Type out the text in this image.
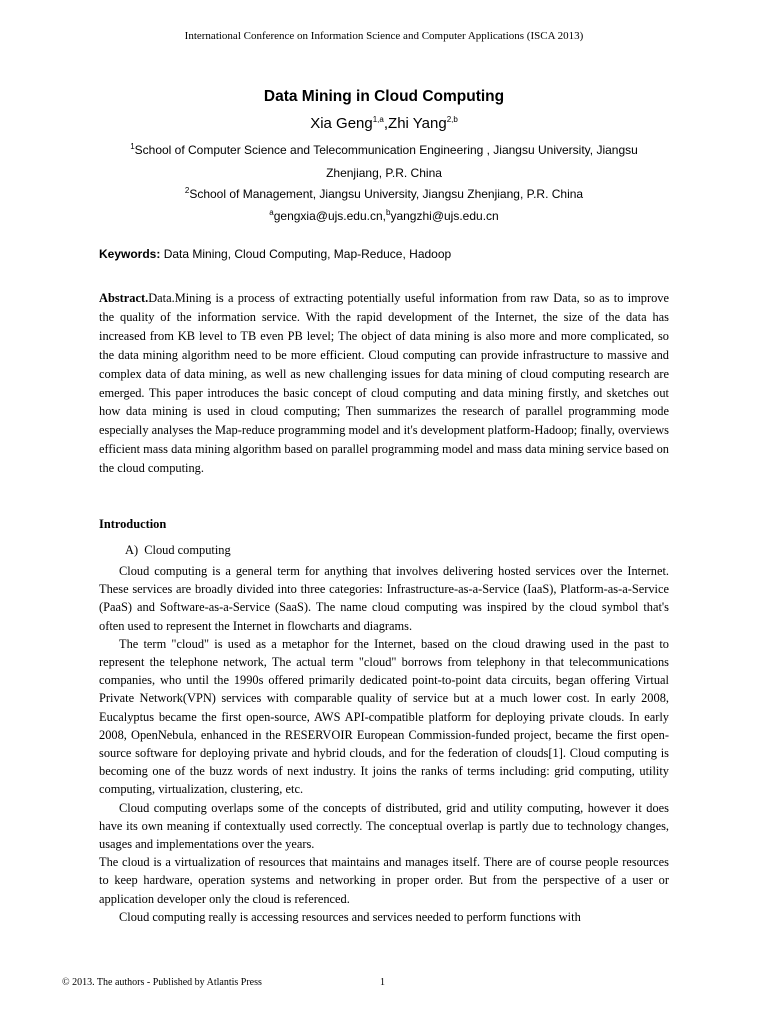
International Conference on Information Science and Computer Applications (ISCA 2013)
Data Mining in Cloud Computing
Xia Geng$^{1,a}$,Zhi Yang$^{2,b}$
$^1$School of Computer Science and Telecommunication Engineering , Jiangsu University, Jiangsu
Zhenjiang, P.R. China
$^2$School of Management, Jiangsu University, Jiangsu Zhenjiang, P.R. China
$^a$gengxia@ujs.edu.cn,$^b$yangzhi@ujs.edu.cn
Keywords: Data Mining, Cloud Computing, Map-Reduce, Hadoop
Abstract.Data.Mining is a process of extracting potentially useful information from raw Data, so as to improve the quality of the information service. With the rapid development of the Internet, the size of the data has increased from KB level to TB even PB level; The object of data mining is also more and more complicated, so the data mining algorithm need to be more efficient. Cloud computing can provide infrastructure to massive and complex data of data mining, as well as new challenging issues for data mining of cloud computing research are emerged. This paper introduces the basic concept of cloud computing and data mining firstly, and sketches out how data mining is used in cloud computing; Then summarizes the research of parallel programming mode especially analyses the Map-reduce programming model and it's development platform-Hadoop; finally, overviews efficient mass data mining algorithm based on parallel programming model and mass data mining service based on the cloud computing.
Introduction
A)  Cloud computing

Cloud computing is a general term for anything that involves delivering hosted services over the Internet. These services are broadly divided into three categories: Infrastructure-as-a-Service (IaaS), Platform-as-a-Service (PaaS) and Software-as-a-Service (SaaS). The name cloud computing was inspired by the cloud symbol that's often used to represent the Internet in flowcharts and diagrams.

The term "cloud" is used as a metaphor for the Internet, based on the cloud drawing used in the past to represent the telephone network, The actual term "cloud" borrows from telephony in that telecommunications companies, who until the 1990s offered primarily dedicated point-to-point data circuits, began offering Virtual Private Network(VPN) services with comparable quality of service but at a much lower cost. In early 2008, Eucalyptus became the first open-source, AWS API-compatible platform for deploying private clouds. In early 2008, OpenNebula, enhanced in the RESERVOIR European Commission-funded project, became the first open-source software for deploying private and hybrid clouds, and for the federation of clouds[1]. Cloud computing is becoming one of the buzz words of next industry. It joins the ranks of terms including: grid computing, utility computing, virtualization, clustering, etc.

Cloud computing overlaps some of the concepts of distributed, grid and utility computing, however it does have its own meaning if contextually used correctly. The conceptual overlap is partly due to technology changes, usages and implementations over the years.

The cloud is a virtualization of resources that maintains and manages itself. There are of course people resources to keep hardware, operation systems and networking in proper order. But from the perspective of a user or application developer only the cloud is referenced.

Cloud computing really is accessing resources and services needed to perform functions with

© 2013. The authors - Published by Atlantis Press	1
